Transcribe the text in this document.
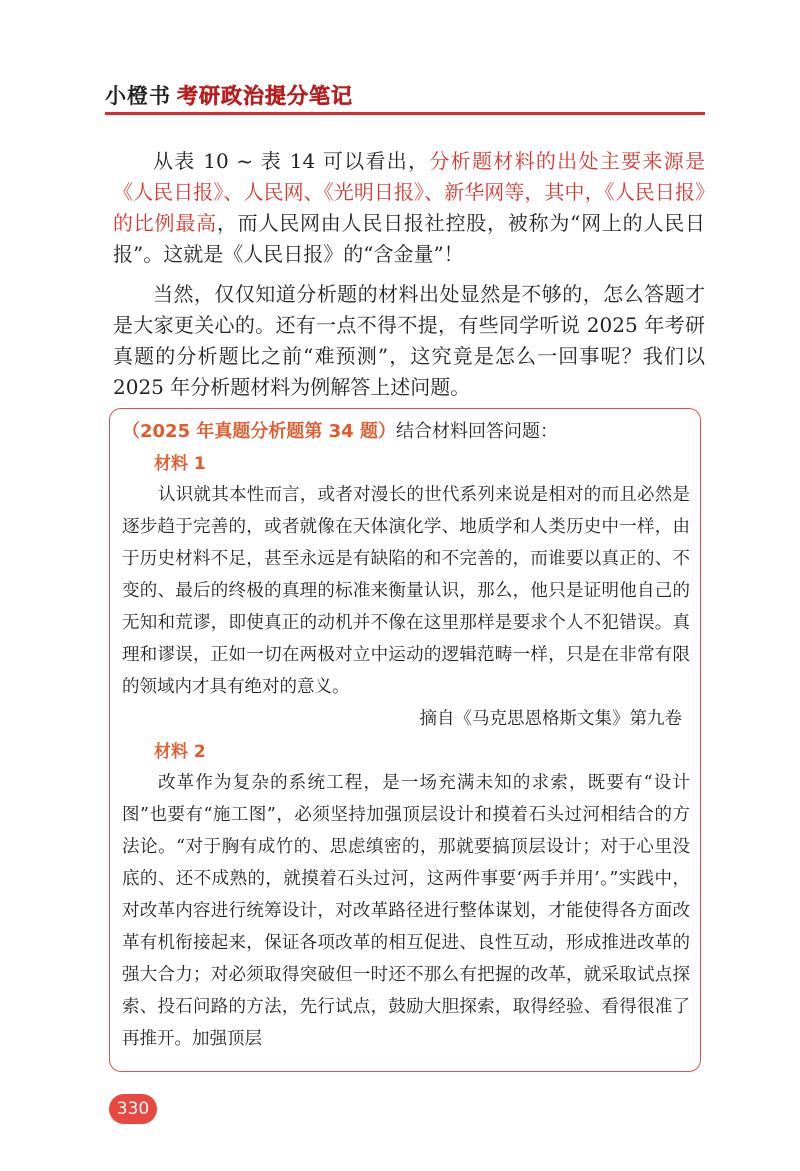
小橙书 考研政治提分笔记

从表 10 ~ 表 14 可以看出，分析题材料的出处主要来源是《人民日报》、人民网、《光明日报》、新华网等，其中，《人民日报》的比例最高，而人民网由人民日报社控股，被称为“网上的人民日报”。这就是《人民日报》的“含金量”！

当然，仅仅知道分析题的材料出处显然是不够的，怎么答题才是大家更关心的。还有一点不得不提，有些同学听说 2025 年考研真题的分析题比之前“难预测”，这究竟是怎么一回事呢？我们以 2025 年分析题材料为例解答上述问题。

（2025 年真题分析题第 34 题）结合材料回答问题：

材料 1

认识就其本性而言，或者对漫长的世代系列来说是相对的而且必然是逐步趋于完善的，或者就像在天体演化学、地质学和人类历史中一样，由于历史材料不足，甚至永远是有缺陷的和不完善的，而谁要以真正的、不变的、最后的终极的真理的标准来衡量认识，那么，他只是证明他自己的无知和荒谬，即使真正的动机并不像在这里那样是要求个人不犯错误。真理和谬误，正如一切在两极对立中运动的逻辑范畴一样，只是在非常有限的领域内才具有绝对的意义。

摘自《马克思恩格斯文集》第九卷

材料 2

改革作为复杂的系统工程，是一场充满未知的求索，既要有“设计图”也要有“施工图”，必须坚持加强顶层设计和摸着石头过河相结合的方法论。“对于胸有成竹的、思虑缜密的，那就要搞顶层设计；对于心里没底的、还不成熟的，就摸着石头过河，这两件事要‘两手并用’。”实践中，对改革内容进行统筹设计，对改革路径进行整体谋划，才能使得各方面改革有机衔接起来，保证各项改革的相互促进、良性互动，形成推进改革的强大合力；对必须取得突破但一时还不那么有把握的改革，就采取试点探索、投石问路的方法，先行试点，鼓励大胆探索，取得经验、看得很准了再推开。加强顶层

330
